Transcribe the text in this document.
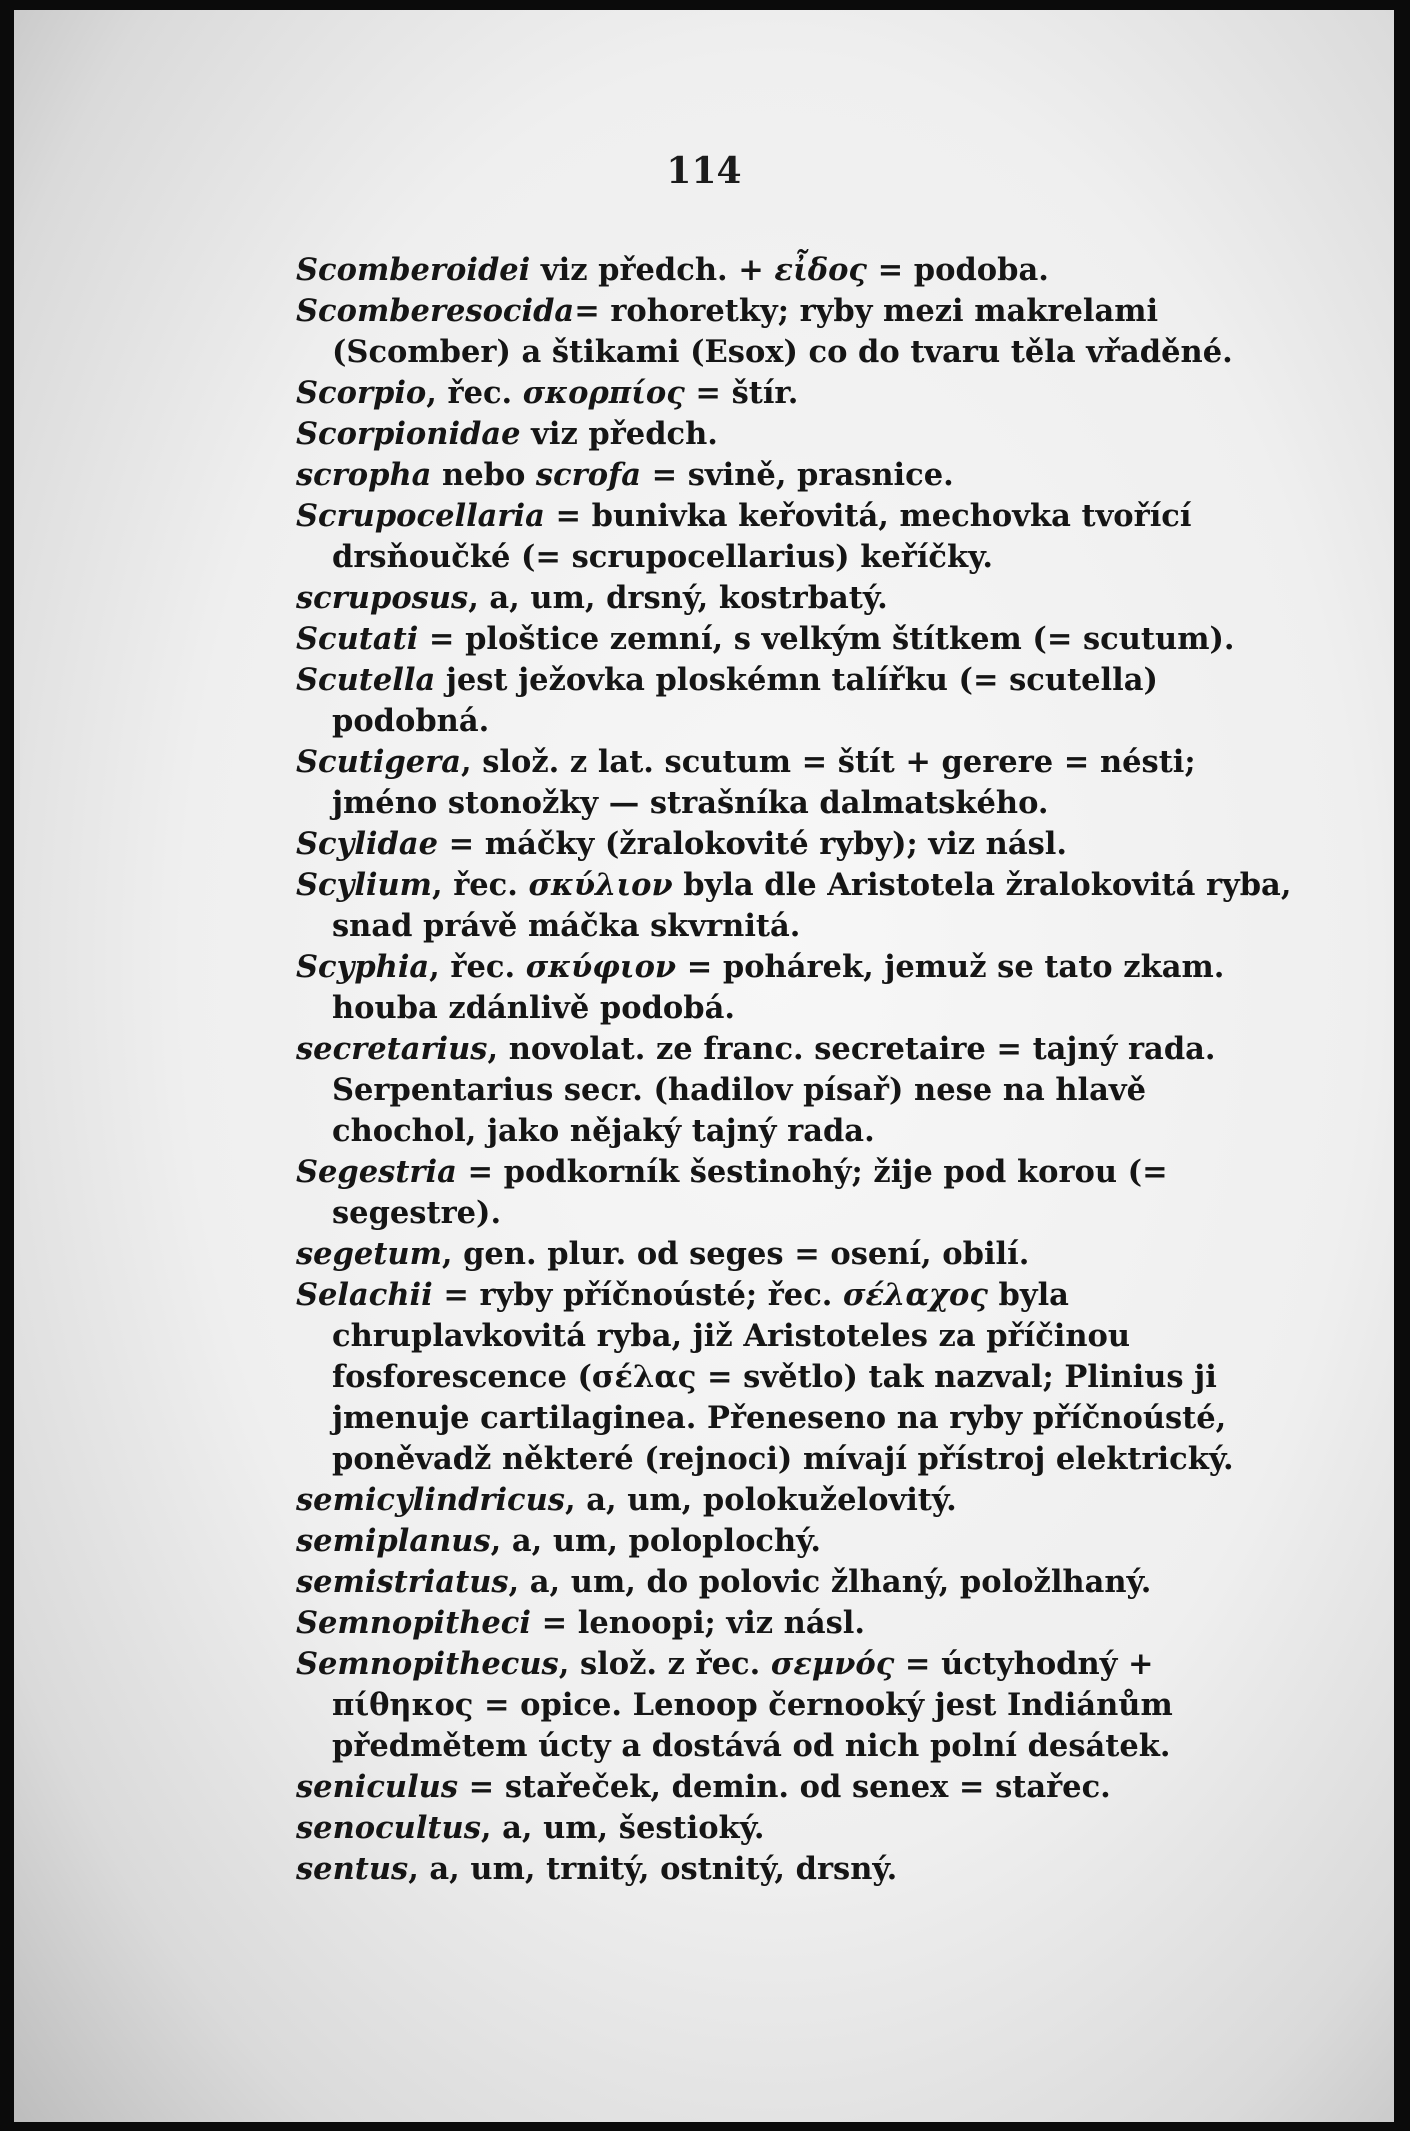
114
Scomberoidei viz předch. + εἶδος = podoba.
Scomberesocida= rohoretky; ryby mezi makrelami (Scomber) a štikami (Esox) co do tvaru těla vřaděné.
Scorpio, řec. σκορπίος = štír.
Scorpionidae viz předch.
scropha nebo scrofa = svině, prasnice.
Scrupocellaria = bunivka keřovitá, mechovka tvořící drsňoučké (= scrupocellarius) keříčky.
scruposus, a, um, drsný, kostrbatý.
Scutati = ploštice zemní, s velkým štítkem (= scutum).
Scutella jest ježovka ploskémn talířku (= scutella) podobná.
Scutigera, slož. z lat. scutum = štít + gerere = nésti; jméno stonožky — strašníka dalmatského.
Scylidae = máčky (žralokovité ryby); viz násl.
Scylium, řec. σκύλιον byla dle Aristotela žralokovitá ryba, snad právě máčka skvrnitá.
Scyphia, řec. σκύφιον = pohárek, jemuž se tato zkam. houba zdánlivě podobá.
secretarius, novolat. ze franc. secretaire = tajný rada. Serpentarius secr. (hadilov písař) nese na hlavě chochol, jako nějaký tajný rada.
Segestria = podkorník šestinohý; žije pod korou (= segestre).
segetum, gen. plur. od seges = osení, obilí.
Selachii = ryby příčnoústé; řec. σέλαχος byla chruplavkovitá ryba, již Aristoteles za příčinou fosforescence (σέλας = světlo) tak nazval; Plinius ji jmenuje cartilaginea. Přeneseno na ryby příčnoústé, poněvadž některé (rejnoci) mívají přístroj elektrický.
semicylindricus, a, um, polokuželovitý.
semiplanus, a, um, poloplochý.
semistriatus, a, um, do polovic žlhaný, položlhaný.
Semnopitheci = lenoopi; viz násl.
Semnopithecus, slož. z řec. σεμνός = úctyhodný + πίθηκος = opice. Lenoop černooký jest Indiánům předmětem úcty a dostává od nich polní desátek.
seniculus = stařeček, demin. od senex = stařec.
senocultus, a, um, šestioký.
sentus, a, um, trnitý, ostnitý, drsný.
